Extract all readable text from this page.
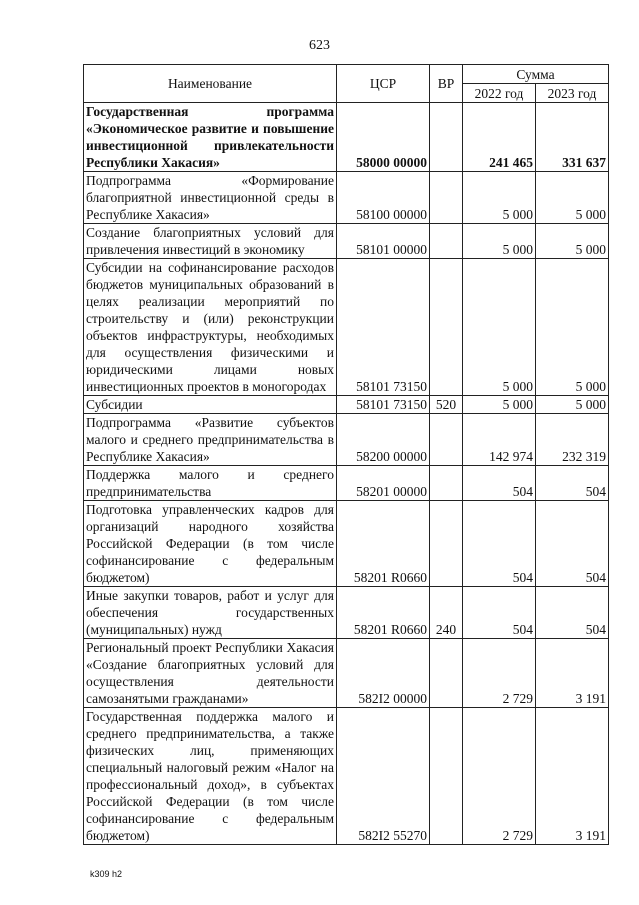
623
Наименование	ЦСР	ВР	Сумма	
			2022 год	2023 год
Государственная программа «Экономическое развитие и повышение инвестиционной привлекательности Республики Хакасия»	58000 00000		241 465	331 637
Подпрограмма «Формирование благоприятной инвестиционной среды в Республике Хакасия»	58100 00000		5 000	5 000
Создание благоприятных условий для привлечения инвестиций в экономику	58101 00000		5 000	5 000
Субсидии на софинансирование расходов бюджетов муниципальных образований в целях реализации мероприятий по строительству и (или) реконструкции объектов инфраструктуры, необходимых для осуществления физическими и юридическими лицами новых инвестиционных проектов в моногородах	58101 73150		5 000	5 000
Субсидии	58101 73150	520	5 000	5 000
Подпрограмма «Развитие субъектов малого и среднего предпринимательства в Республике Хакасия»	58200 00000		142 974	232 319
Поддержка малого и среднего предпринимательства	58201 00000		504	504
Подготовка управленческих кадров для организаций народного хозяйства Российской Федерации (в том числе софинансирование с федеральным бюджетом)	58201 R0660		504	504
Иные закупки товаров, работ и услуг для обеспечения государственных (муниципальных) нужд	58201 R0660	240	504	504
Региональный проект Республики Хакасия «Создание благоприятных условий для осуществления деятельности самозанятыми гражданами»	582I2 00000		2 729	3 191
Государственная поддержка малого и среднего предпринимательства, а также физических лиц, применяющих специальный налоговый режим «Налог на профессиональный доход», в субъектах Российской Федерации (в том числе софинансирование с федеральным бюджетом)	582I2 55270		2 729	3 191
k309 h2
